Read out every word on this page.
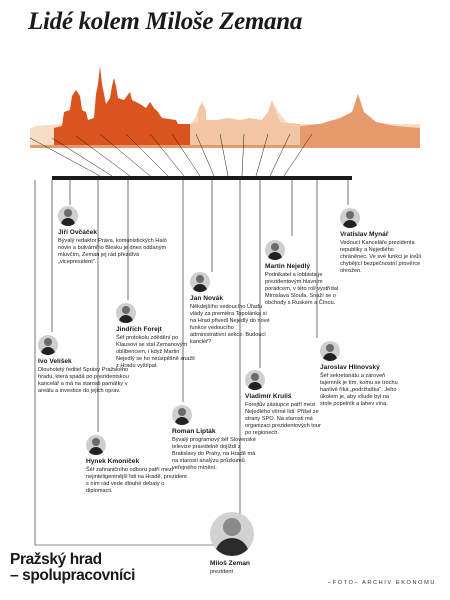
Lidé kolem Miloše Zemana
Jiří Ovčáček
Bývalý redaktor Práva, komunistických Haló novin a bulvárního Blesku je dnes oddaným mluvčím, Zeman jej rád přezdívá „vicepresident“.
Ivo Velíšek
Dlouholetý ředitel Správy Pražského hradu, která spadá po prezidentskou kancelář a má na starosti památky v areálu a investice do jejich oprav.
Hynek Kmoníček
Šéf zahraničního odboru patří mezi nejinteligentnější lidi na Hradě, prezident s ním rád vede dlouhé debaty o diplomacii.
Jindřich Forejt
Šéf protokolu zdědění po Klausovi se stal Zemanovým oblíbencem, i když Martin Nejedlý se ho neúspěšně snažil z Hradu vyštípat.
Roman Lipták
Bývalý programový šéf Slovenské televize pravidelně dojíždí z Bratislavy do Prahy, na Hradě má na starosti analýzu průzkumů veřejného mínění.
Jan Novák
Někdejšího vedoucího Úřadu vlády za premiéra Topolánka si na Hrad přivedl Nejedlý do nové funkce vedoucího administrativní sekce. Budoucí kancléř?
Martin Nejedlý
Podnikatel a lobbista je prezidentovým hlavním poradcem, v této roli vystřídal Miroslava Sloufa. Snaží se o obchody s Ruskem a Čínou.
Vladimír Kruliš
Forejtův zástupce patří mezi Nejedlého věrné lidi. Přišel ze strany SPO. Na starosti má organizaci prezidentových tour po regionech.
Vratislav Mynář
Vedoucí Kanceláře prezidenta republiky a Nejedlého chráněnec. Ve své funkci je kvůli chybějící bezpečnostní prověrce ohrožen.
Jaroslav Hlinovský
Šéf sekretariátu a zároveň tajemník je tím, komu se trochu hanlivě říká „podržtaška“. Jeho úkolem je, aby všude byl na stole popelník a lahev vína.
Miloš Zeman
prezident
Pražský hrad
– spolupracovníci	–FOTO– ARCHIV EKONOMU
